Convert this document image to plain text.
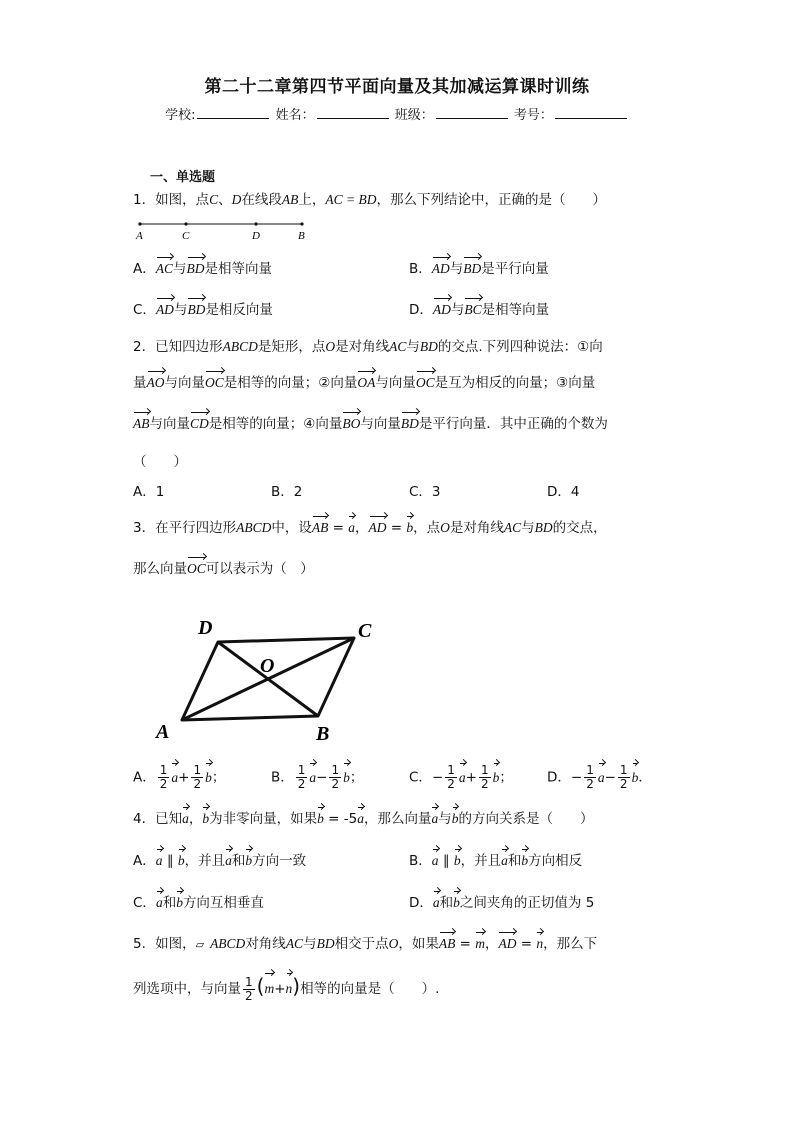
第二十二章第四节平面向量及其加减运算课时训练
学校:	姓名：	班级：	考号：
一、单选题
1．如图，点C、D在线段AB上，AC = BD，那么下列结论中，正确的是（　　）
A	C	D	B
A．AC与BD是相等向量	B．AD与BD是平行向量
C．AD与BD是相反向量	D．AD与BC是相等向量
2．已知四边形ABCD是矩形，点O是对角线AC与BD的交点.下列四种说法：①向
量AO与向量OC是相等的向量；②向量OA与向量OC是互为相反的向量；③向量
AB与向量CD是相等的向量；④向量BO与向量BD是平行向量．其中正确的个数为
（　　）
A．1	B．2	C．3	D．4
3．在平行四边形ABCD中，设AB = a，AD = b，点O是对角线AC与BD的交点，
那么向量OC可以表示为（　）
D	C
O
A	B
A． $\frac{1}{2} a+ \frac{1}{2}$ b；	B． $\frac{1}{2} a- \frac{1}{2}$ b；	C．− $\frac{1}{2} a+ \frac{1}{2}$ b；	D．− $\frac{1}{2} a- \frac{1}{2}$ b．
4．已知a，b为非零向量，如果b = -5a，那么向量a与b的方向关系是（　　）
A．a ∥ b，并且a和b方向一致	B．a ∥ b，并且a和b方向相反
C．a和b方向互相垂直	D．a和b之间夹角的正切值为 5
5．如图，▱ ABCD对角线AC与BD相交于点O，如果AB = m，AD = n，那么下
列选项中，与向量 $\frac{1}{2} (m+n)$相等的向量是（　　）.
